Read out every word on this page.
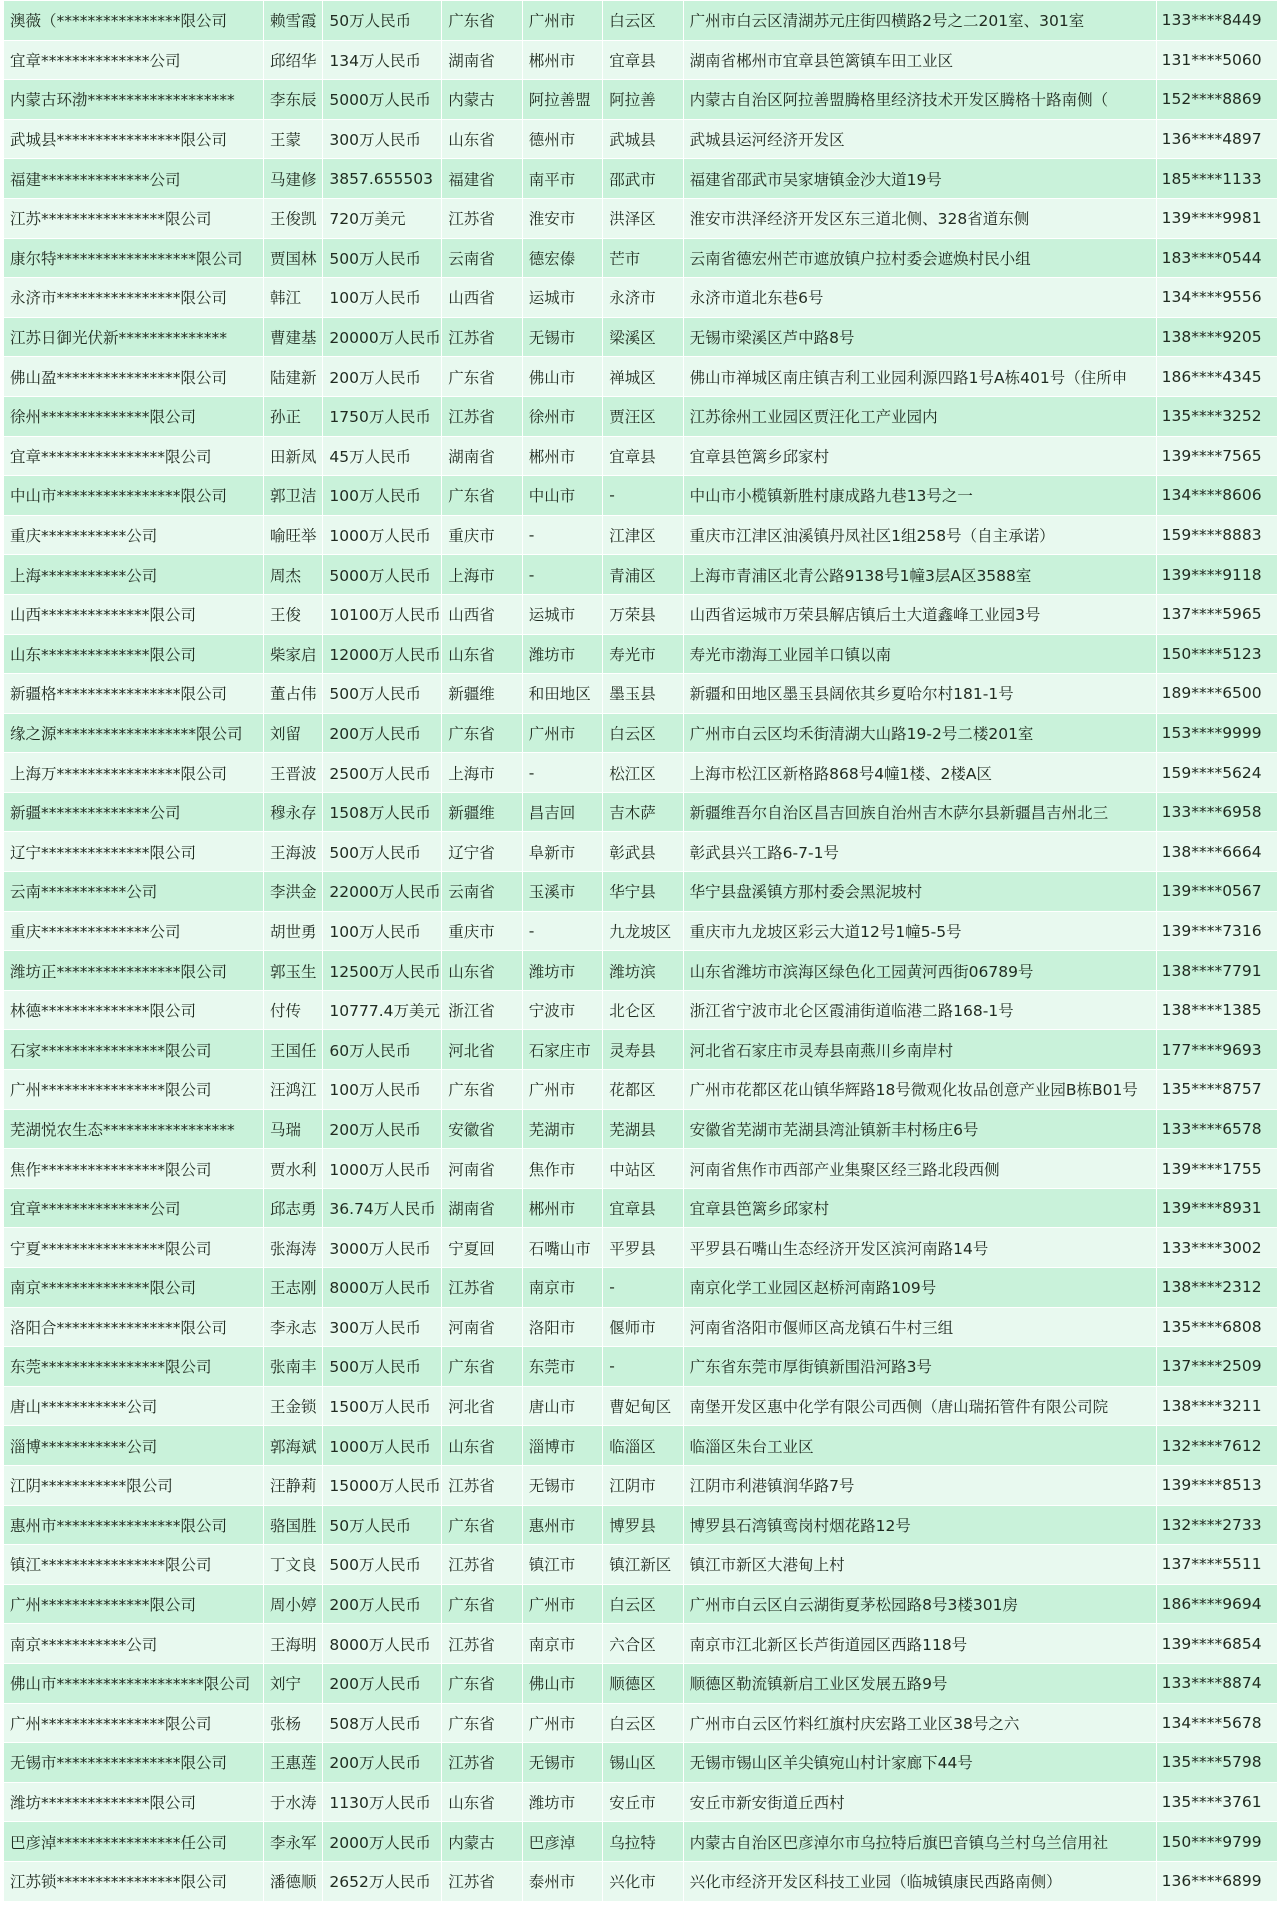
澳薇（****************限公司	赖雪霞	50万人民币	广东省	广州市	白云区	广州市白云区清湖苏元庄街四横路2号之二201室、301室	133****8449
宜章**************公司	邱绍华	134万人民币	湖南省	郴州市	宜章县	湖南省郴州市宜章县笆篱镇车田工业区	131****5060
内蒙古环渤*******************	李东辰	5000万人民币	内蒙古	阿拉善盟	阿拉善	内蒙古自治区阿拉善盟腾格里经济技术开发区腾格十路南侧（	152****8869
武城县****************限公司	王蒙	300万人民币	山东省	德州市	武城县	武城县运河经济开发区	136****4897
福建**************公司	马建修	3857.655503	福建省	南平市	邵武市	福建省邵武市吴家塘镇金沙大道19号	185****1133
江苏****************限公司	王俊凯	720万美元	江苏省	淮安市	洪泽区	淮安市洪泽经济开发区东三道北侧、328省道东侧	139****9981
康尔特******************限公司	贾国林	500万人民币	云南省	德宏傣	芒市	云南省德宏州芒市遮放镇户拉村委会遮焕村民小组	183****0544
永济市****************限公司	韩江	100万人民币	山西省	运城市	永济市	永济市道北东巷6号	134****9556
江苏日御光伏新**************	曹建基	20000万人民币	江苏省	无锡市	梁溪区	无锡市梁溪区芦中路8号	138****9205
佛山盈****************限公司	陆建新	200万人民币	广东省	佛山市	禅城区	佛山市禅城区南庄镇吉利工业园利源四路1号A栋401号（住所申	186****4345
徐州**************限公司	孙正	1750万人民币	江苏省	徐州市	贾汪区	江苏徐州工业园区贾汪化工产业园内	135****3252
宜章****************限公司	田新凤	45万人民币	湖南省	郴州市	宜章县	宜章县笆篱乡邱家村	139****7565
中山市****************限公司	郭卫洁	100万人民币	广东省	中山市	-	中山市小榄镇新胜村康成路九巷13号之一	134****8606
重庆***********公司	喻旺举	1000万人民币	重庆市	-	江津区	重庆市江津区油溪镇丹凤社区1组258号（自主承诺）	159****8883
上海***********公司	周杰	5000万人民币	上海市	-	青浦区	上海市青浦区北青公路9138号1幢3层A区3588室	139****9118
山西**************限公司	王俊	10100万人民币	山西省	运城市	万荣县	山西省运城市万荣县解店镇后土大道鑫峰工业园3号	137****5965
山东**************限公司	柴家启	12000万人民币	山东省	潍坊市	寿光市	寿光市渤海工业园羊口镇以南	150****5123
新疆格****************限公司	董占伟	500万人民币	新疆维	和田地区	墨玉县	新疆和田地区墨玉县阔依其乡夏哈尔村181-1号	189****6500
缘之源******************限公司	刘留	200万人民币	广东省	广州市	白云区	广州市白云区均禾街清湖大山路19-2号二楼201室	153****9999
上海万****************限公司	王晋波	2500万人民币	上海市	-	松江区	上海市松江区新格路868号4幢1楼、2楼A区	159****5624
新疆**************公司	穆永存	1508万人民币	新疆维	昌吉回	吉木萨	新疆维吾尔自治区昌吉回族自治州吉木萨尔县新疆昌吉州北三	133****6958
辽宁**************限公司	王海波	500万人民币	辽宁省	阜新市	彰武县	彰武县兴工路6-7-1号	138****6664
云南***********公司	李洪金	22000万人民币	云南省	玉溪市	华宁县	华宁县盘溪镇方那村委会黑泥坡村	139****0567
重庆**************公司	胡世勇	100万人民币	重庆市	-	九龙坡区	重庆市九龙坡区彩云大道12号1幢5-5号	139****7316
潍坊正****************限公司	郭玉生	12500万人民币	山东省	潍坊市	潍坊滨	山东省潍坊市滨海区绿色化工园黄河西街06789号	138****7791
林德**************限公司	付传	10777.4万美元	浙江省	宁波市	北仑区	浙江省宁波市北仑区霞浦街道临港二路168-1号	138****1385
石家****************限公司	王国任	60万人民币	河北省	石家庄市	灵寿县	河北省石家庄市灵寿县南燕川乡南岸村	177****9693
广州****************限公司	汪鸿江	100万人民币	广东省	广州市	花都区	广州市花都区花山镇华辉路18号微观化妆品创意产业园B栋B01号	135****8757
芜湖悦农生态*****************	马瑞	200万人民币	安徽省	芜湖市	芜湖县	安徽省芜湖市芜湖县湾沚镇新丰村杨庄6号	133****6578
焦作****************限公司	贾水利	1000万人民币	河南省	焦作市	中站区	河南省焦作市西部产业集聚区经三路北段西侧	139****1755
宜章**************公司	邱志勇	36.74万人民币	湖南省	郴州市	宜章县	宜章县笆篱乡邱家村	139****8931
宁夏****************限公司	张海涛	3000万人民币	宁夏回	石嘴山市	平罗县	平罗县石嘴山生态经济开发区滨河南路14号	133****3002
南京**************限公司	王志刚	8000万人民币	江苏省	南京市	-	南京化学工业园区赵桥河南路109号	138****2312
洛阳合****************限公司	李永志	300万人民币	河南省	洛阳市	偃师市	河南省洛阳市偃师区高龙镇石牛村三组	135****6808
东莞****************限公司	张南丰	500万人民币	广东省	东莞市	-	广东省东莞市厚街镇新围沿河路3号	137****2509
唐山***********公司	王金锁	1500万人民币	河北省	唐山市	曹妃甸区	南堡开发区惠中化学有限公司西侧（唐山瑞拓管件有限公司院	138****3211
淄博***********公司	郭海斌	1000万人民币	山东省	淄博市	临淄区	临淄区朱台工业区	132****7612
江阴***********限公司	汪静莉	15000万人民币	江苏省	无锡市	江阴市	江阴市利港镇润华路7号	139****8513
惠州市****************限公司	骆国胜	50万人民币	广东省	惠州市	博罗县	博罗县石湾镇鸾岗村烟花路12号	132****2733
镇江****************限公司	丁文良	500万人民币	江苏省	镇江市	镇江新区	镇江市新区大港甸上村	137****5511
广州**************限公司	周小婷	200万人民币	广东省	广州市	白云区	广州市白云区白云湖街夏茅松园路8号3楼301房	186****9694
南京***********公司	王海明	8000万人民币	江苏省	南京市	六合区	南京市江北新区长芦街道园区西路118号	139****6854
佛山市*******************限公司	刘宁	200万人民币	广东省	佛山市	顺德区	顺德区勒流镇新启工业区发展五路9号	133****8874
广州****************限公司	张杨	508万人民币	广东省	广州市	白云区	广州市白云区竹料红旗村庆宏路工业区38号之六	134****5678
无锡市****************限公司	王惠莲	200万人民币	江苏省	无锡市	锡山区	无锡市锡山区羊尖镇宛山村计家廊下44号	135****5798
潍坊**************限公司	于水涛	1130万人民币	山东省	潍坊市	安丘市	安丘市新安街道丘西村	135****3761
巴彦淖****************任公司	李永军	2000万人民币	内蒙古	巴彦淖	乌拉特	内蒙古自治区巴彦淖尔市乌拉特后旗巴音镇乌兰村乌兰信用社	150****9799
江苏锁****************限公司	潘德顺	2652万人民币	江苏省	泰州市	兴化市	兴化市经济开发区科技工业园（临城镇康民西路南侧）	136****6899
